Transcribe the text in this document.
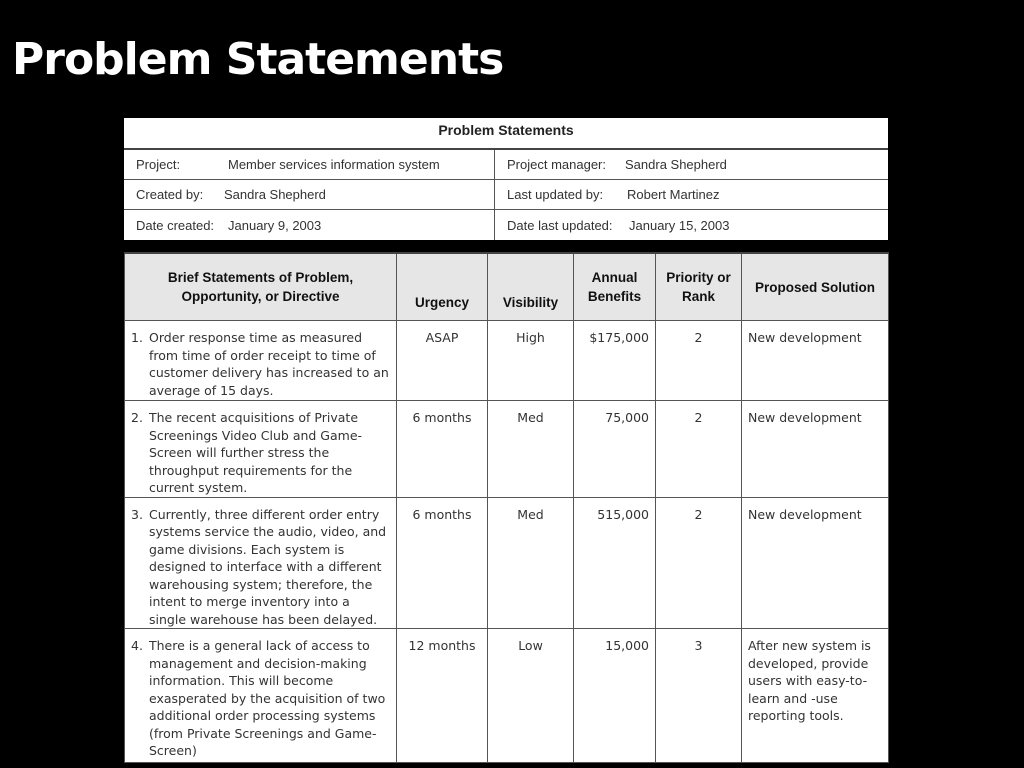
Problem Statements
Problem Statements
Project:	Member services information system	Project manager:	Sandra Shepherd
Created by:	Sandra Shepherd	Last updated by:	Robert Martinez
Date created:	January 9, 2003	Date last updated:	January 15, 2003
Brief Statements of Problem, Opportunity, or Directive	Urgency	Visibility	Annual Benefits	Priority or Rank	Proposed Solution

1. Order response time as measured from time of order receipt to time of customer delivery has increased to an average of 15 days.	ASAP	High	$175,000	2	New development

2. The recent acquisitions of Private Screenings Video Club and Game-Screen will further stress the throughput requirements for the current system.	6 months	Med	75,000	2	New development

3. Currently, three different order entry systems service the audio, video, and game divisions. Each system is designed to interface with a different warehousing system; therefore, the intent to merge inventory into a single warehouse has been delayed.	6 months	Med	515,000	2	New development

4. There is a general lack of access to management and decision-making information. This will become exasperated by the acquisition of two additional order processing systems (from Private Screenings and Game-Screen)	12 months	Low	15,000	3	After new system is developed, provide users with easy-to-learn and -use reporting tools.
